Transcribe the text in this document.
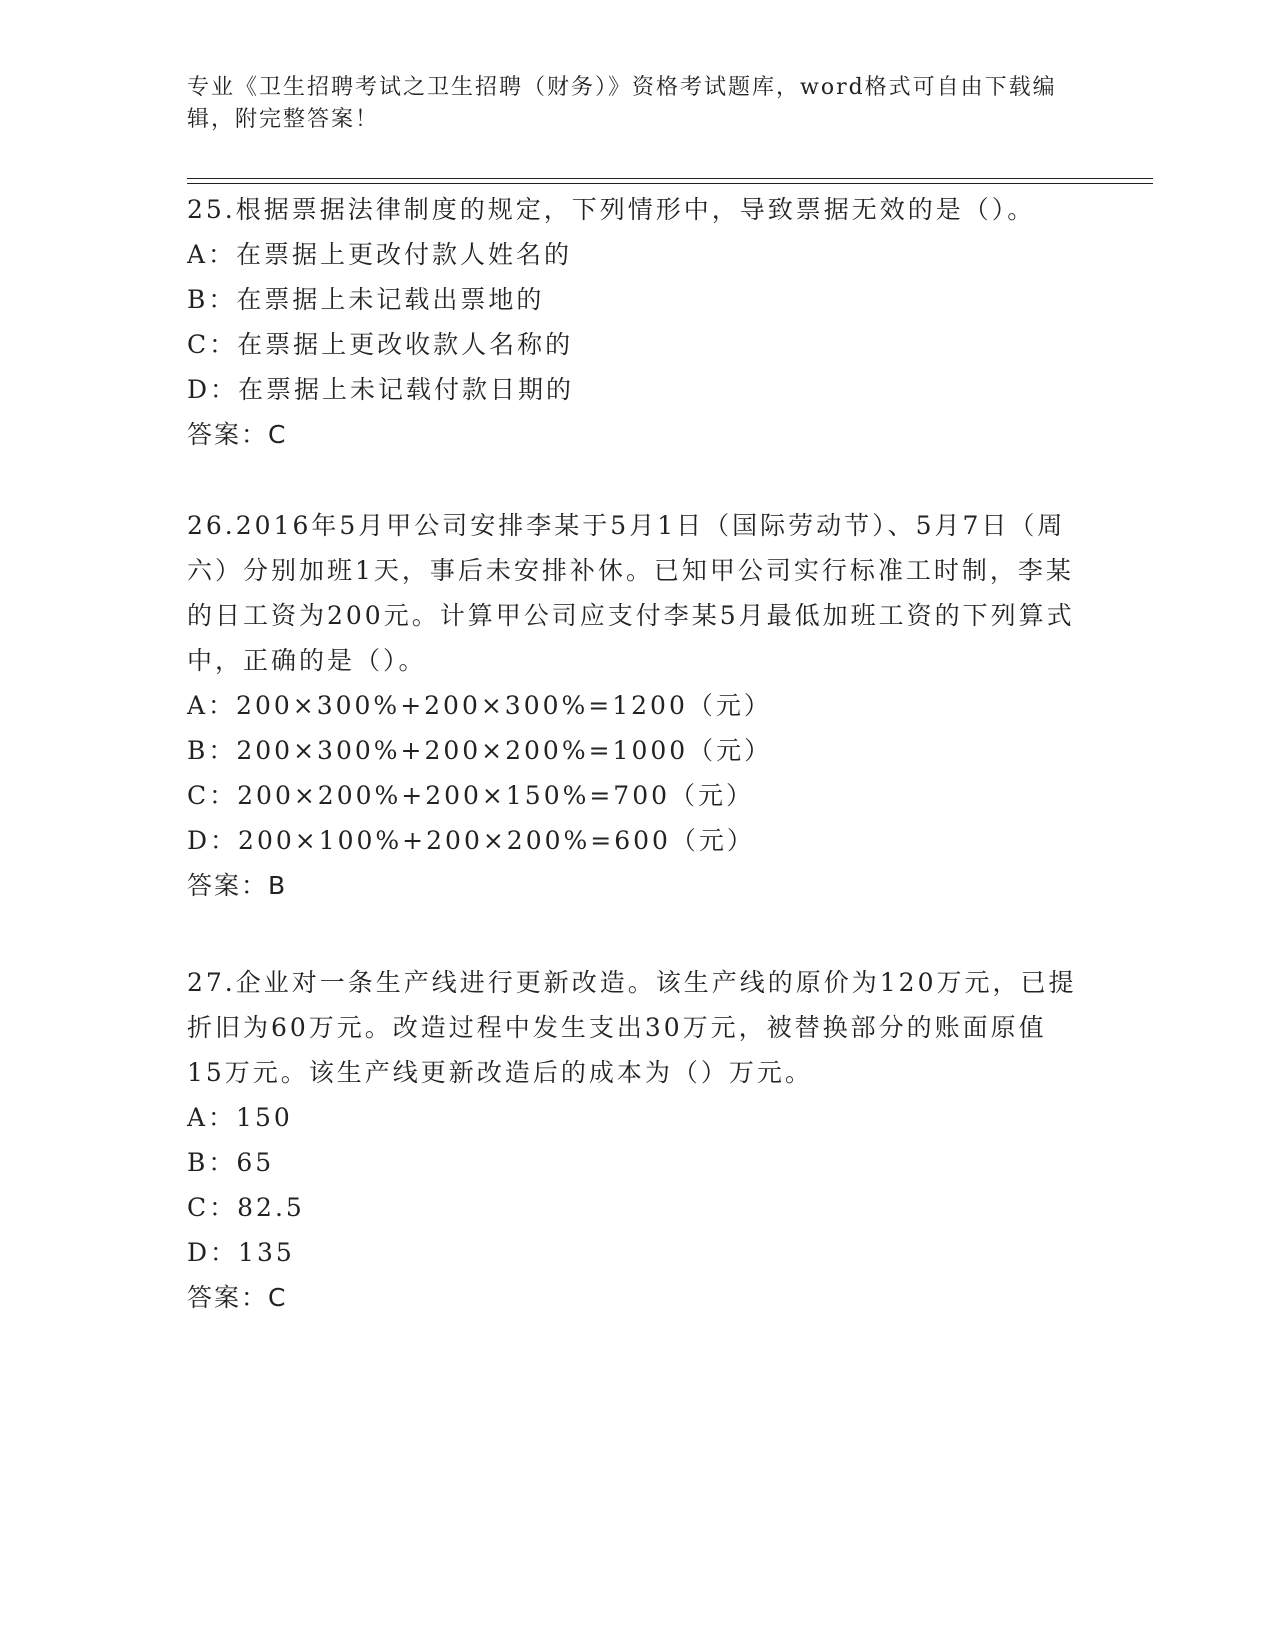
专业《卫生招聘考试之卫生招聘（财务）》资格考试题库，word格式可自由下载编辑，附完整答案！

25.根据票据法律制度的规定，下列情形中，导致票据无效的是（）。

A：在票据上更改付款人姓名的

B：在票据上未记载出票地的

C：在票据上更改收款人名称的

D：在票据上未记载付款日期的

答案：C

26.2016年5月甲公司安排李某于5月1日（国际劳动节）、5月7日（周六）分别加班1天，事后未安排补休。已知甲公司实行标准工时制，李某的日工资为200元。计算甲公司应支付李某5月最低加班工资的下列算式中，正确的是（）。

A：200×300%+200×300%=1200（元）

B：200×300%+200×200%=1000（元）

C：200×200%+200×150%=700（元）

D：200×100%+200×200%=600（元）

答案：B

27.企业对一条生产线进行更新改造。该生产线的原价为120万元，已提折旧为60万元。改造过程中发生支出30万元，被替换部分的账面原值15万元。该生产线更新改造后的成本为（）万元。

A：150

B：65

C：82.5

D：135

答案：C
